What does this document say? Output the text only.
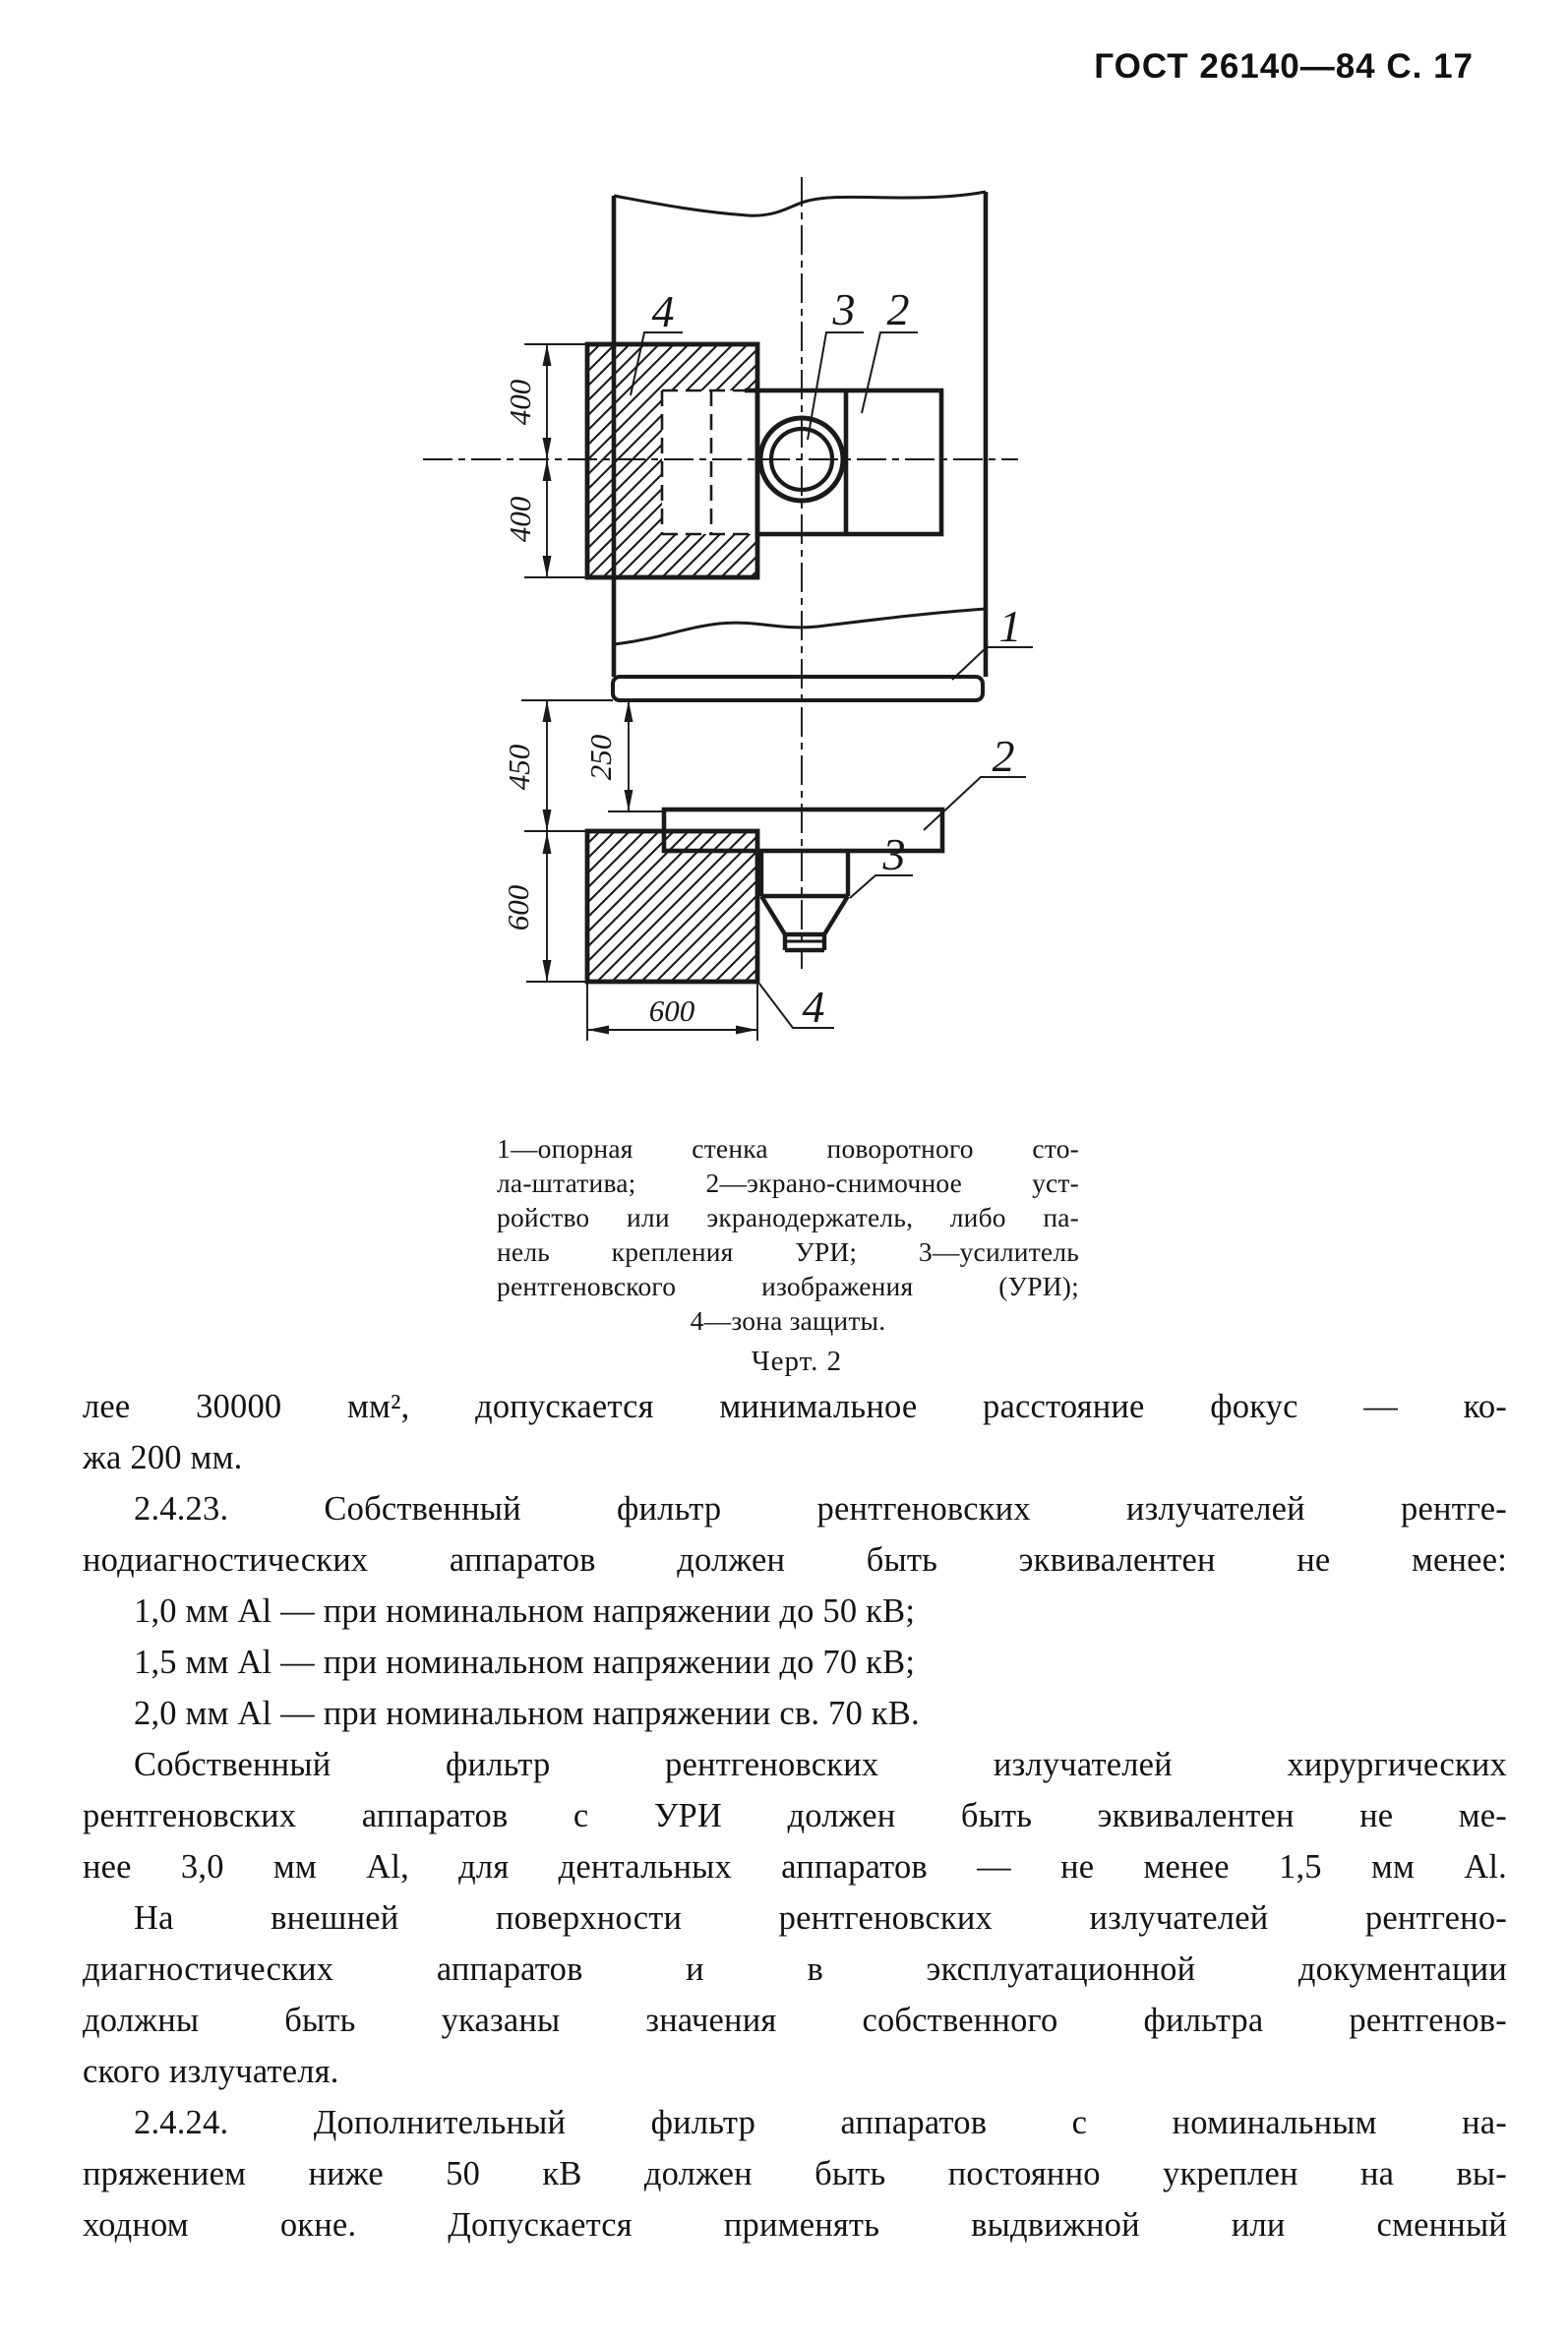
ГОСТ 26140—84 С. 17
400
400
450 250
600
600
4	3 2
1
2
3
4
1—опорная стенка поворотного сто-
ла-штатива; 2—экрано-снимочное уст-
ройство или экранодержатель, либо па-
нель крепления УРИ; 3—усилитель
рентгеновского изображения (УРИ);
4—зона защиты.
Черт. 2
лее 30000 мм², допускается минимальное расстояние фокус — ко-
жа 200 мм.
2.4.23. Собственный фильтр рентгеновских излучателей рентге-
нодиагностических аппаратов должен быть эквивалентен не менее:
1,0 мм Al — при номинальном напряжении до 50 кВ;
1,5 мм Al — при номинальном напряжении до 70 кВ;
2,0 мм Al — при номинальном напряжении св. 70 кВ.
Собственный фильтр рентгеновских излучателей хирургических
рентгеновских аппаратов с УРИ должен быть эквивалентен не ме-
нее 3,0 мм Al, для дентальных аппаратов — не менее 1,5 мм Al.
На внешней поверхности рентгеновских излучателей рентгено-
диагностических аппаратов и в эксплуатационной документации
должны быть указаны значения собственного фильтра рентгенов-
ского излучателя.
2.4.24. Дополнительный фильтр аппаратов с номинальным на-
пряжением ниже 50 кВ должен быть постоянно укреплен на вы-
ходном окне. Допускается применять выдвижной или сменный
